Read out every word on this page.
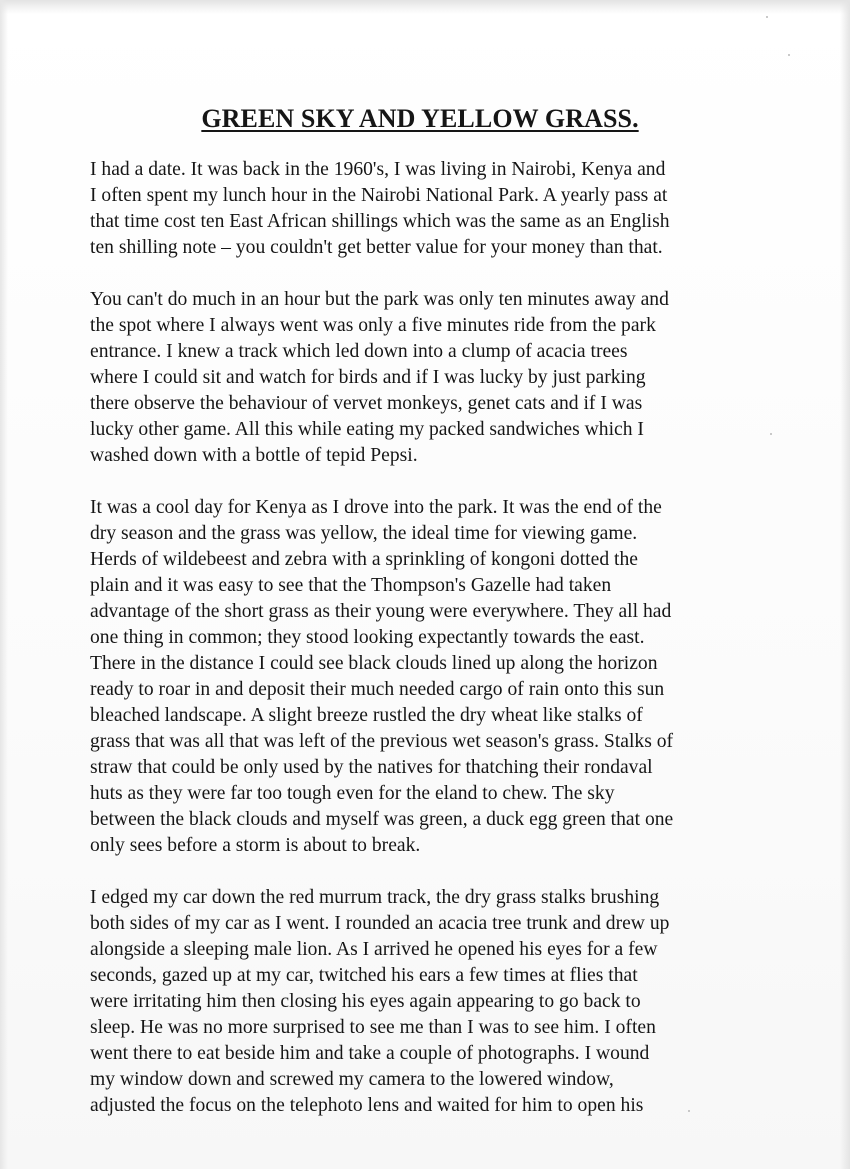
GREEN SKY AND YELLOW GRASS.

I had a date. It was back in the 1960's, I was living in Nairobi, Kenya and
I often spent my lunch hour in the Nairobi National Park. A yearly pass at
that time cost ten East African shillings which was the same as an English
ten shilling note – you couldn't get better value for your money than that.

You can't do much in an hour but the park was only ten minutes away and
the spot where I always went was only a five minutes ride from the park
entrance. I knew a track which led down into a clump of acacia trees
where I could sit and watch for birds and if I was lucky by just parking
there observe the behaviour of vervet monkeys, genet cats and if I was
lucky other game. All this while eating my packed sandwiches which I
washed down with a bottle of tepid Pepsi.

It was a cool day for Kenya as I drove into the park. It was the end of the
dry season and the grass was yellow, the ideal time for viewing game.
Herds of wildebeest and zebra with a sprinkling of kongoni dotted the
plain and it was easy to see that the Thompson's Gazelle had taken
advantage of the short grass as their young were everywhere. They all had
one thing in common; they stood looking expectantly towards the east.
There in the distance I could see black clouds lined up along the horizon
ready to roar in and deposit their much needed cargo of rain onto this sun
bleached landscape. A slight breeze rustled the dry wheat like stalks of
grass that was all that was left of the previous wet season's grass. Stalks of
straw that could be only used by the natives for thatching their rondaval
huts as they were far too tough even for the eland to chew. The sky
between the black clouds and myself was green, a duck egg green that one
only sees before a storm is about to break.

I edged my car down the red murrum track, the dry grass stalks brushing
both sides of my car as I went. I rounded an acacia tree trunk and drew up
alongside a sleeping male lion. As I arrived he opened his eyes for a few
seconds, gazed up at my car, twitched his ears a few times at flies that
were irritating him then closing his eyes again appearing to go back to
sleep. He was no more surprised to see me than I was to see him. I often
went there to eat beside him and take a couple of photographs. I wound
my window down and screwed my camera to the lowered window,
adjusted the focus on the telephoto lens and waited for him to open his
